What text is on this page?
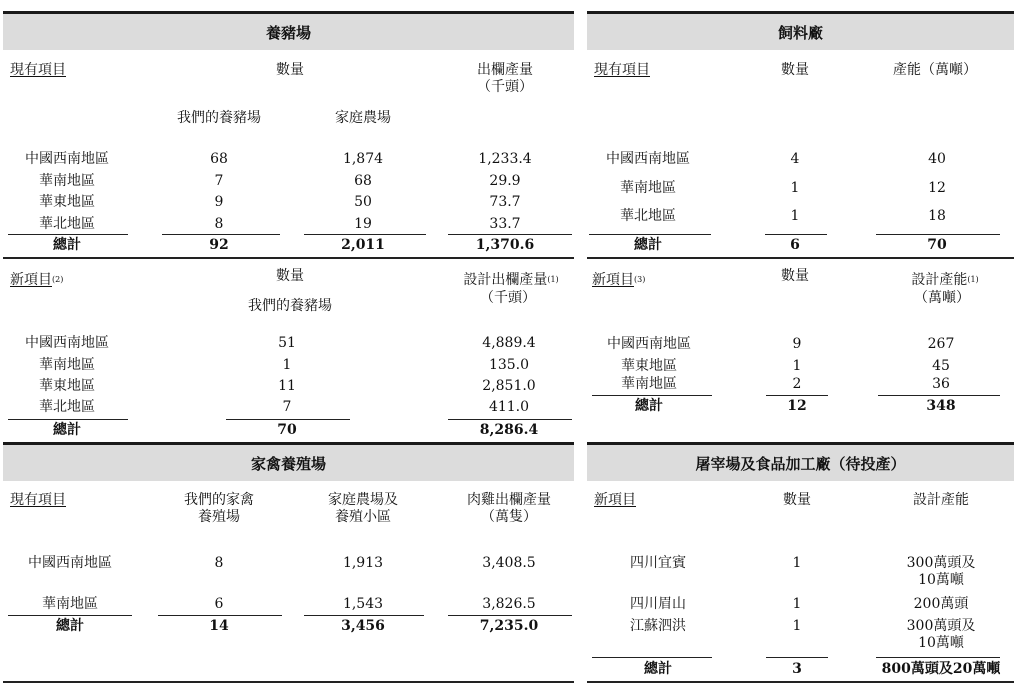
養豬場
現有項目	數量	出欄產量
（千頭）
我們的養豬場	家庭農場
中國西南地區	68	1,874	1,233.4
華南地區	7	68	29.9
華東地區	9	50	73.7
華北地區	8	19	33.7
總計	92	2,011	1,370.6
新項目$^{(2)}$	數量
我們的養豬場
設計出欄產量$^{(1)}$
（千頭）
中國西南地區	51	4,889.4
華南地區	1	135.0
華東地區	11	2,851.0
華北地區	7	411.0
總計	70	8,286.4
飼料廠
現有項目	數量	產能（萬噸）
中國西南地區	4	40
華南地區	1	12
華北地區	1	18
總計	6	70
新項目$^{(3)}$	數量	設計產能$^{(1)}$
（萬噸）
中國西南地區	9	267
華東地區	1	45
華南地區	2	36
總計	12	348
家禽養殖場
現有項目	我們的家禽
養殖場
家庭農場及
養殖小區
肉雞出欄產量
（萬隻）
中國西南地區	8	1,913	3,408.5
華南地區	6	1,543	3,826.5
總計	14	3,456	7,235.0
屠宰場及食品加工廠（待投產）
新項目	數量	設計產能
四川宜賓	1	300萬頭及
10萬噸
四川眉山	1	200萬頭
江蘇泗洪	1	300萬頭及
10萬噸
總計	3	800萬頭及20萬噸
